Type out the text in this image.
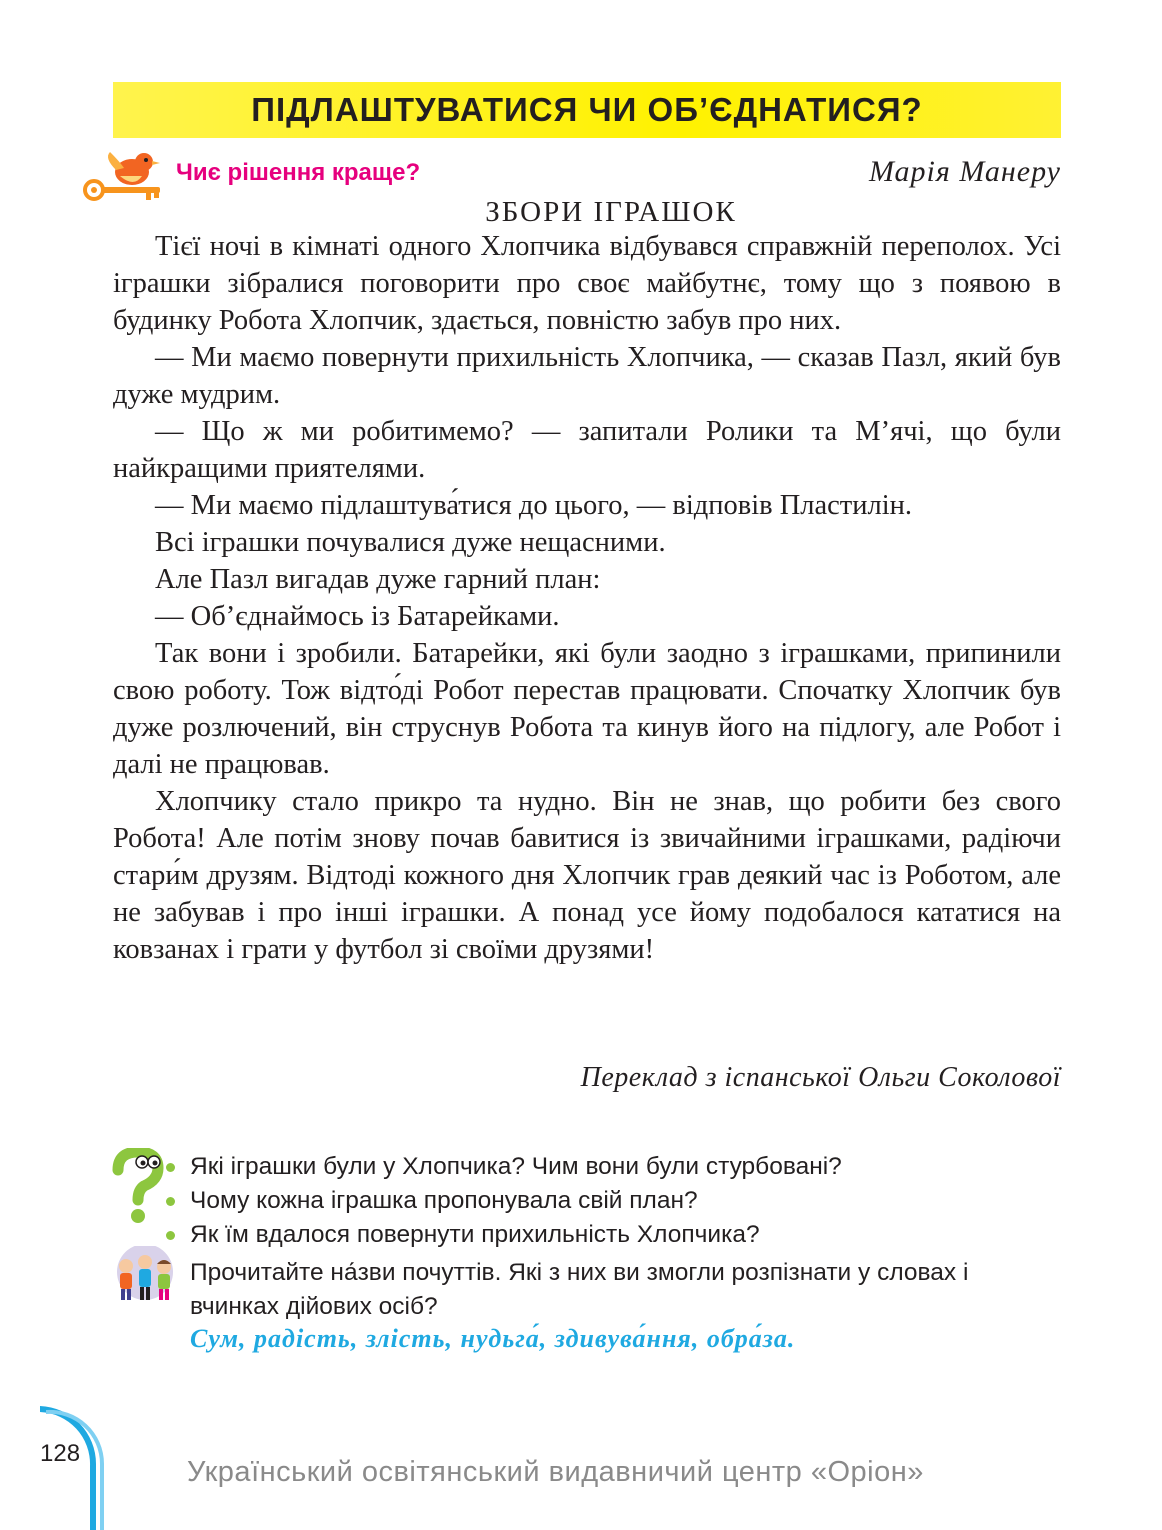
ПІДЛАШТУВАТИСЯ ЧИ ОБ’ЄДНАТИСЯ?
Чиє рішення краще?	Марія Манеру
ЗБОРИ ІГРАШОК

Тієї ночі в кімнаті одного Хлопчика відбувався справжній переполох. Усі іграшки зібралися поговорити про своє майбутнє, тому що з появою в будинку Робота Хлопчик, здається, повністю забув про них.

— Ми маємо повернути прихильність Хлопчика, — сказав Пазл, який був дуже мудрим.

— Що ж ми робитимемо? — запитали Ролики та М’ячі, що були найкращими приятелями.

— Ми маємо підлаштува́тися до цього, — відповів Пластилін.

Всі іграшки почувалися дуже нещасними.

Але Пазл вигадав дуже гарний план:

— Об’єднаймось із Батарейками.

Так вони і зробили. Батарейки, які були заодно з іграшками, припинили свою роботу. Тож відто́ді Робот перестав працювати. Спочатку Хлопчик був дуже розлючений, він струснув Робота та кинув його на підлогу, але Робот і далі не працював.

Хлопчику стало прикро та нудно. Він не знав, що робити без свого Робота! Але потім знову почав бавитися із звичайними іграшками, радіючи стари́м друзям. Відтоді кожного дня Хлопчик грав деякий час із Роботом, але не забував і про інші іграшки. А понад усе йому подобалося кататися на ковзанах і грати у футбол зі своїми друзями!

Переклад з іспанської Ольги Соколової
Які іграшки були у Хлопчика? Чим вони були стурбовані?
Чому кожна іграшка пропонувала свій план?
Як їм вдалося повернути прихильність Хлопчика?
Прочитайте на́зви почуттів. Які з них ви змогли розпізнати у словах і вчинках дійових осіб?
Сум, радість, злість, нудьга́, здивува́ння, обра́за.
128
Український освітянський видавничий центр «Оріон»
